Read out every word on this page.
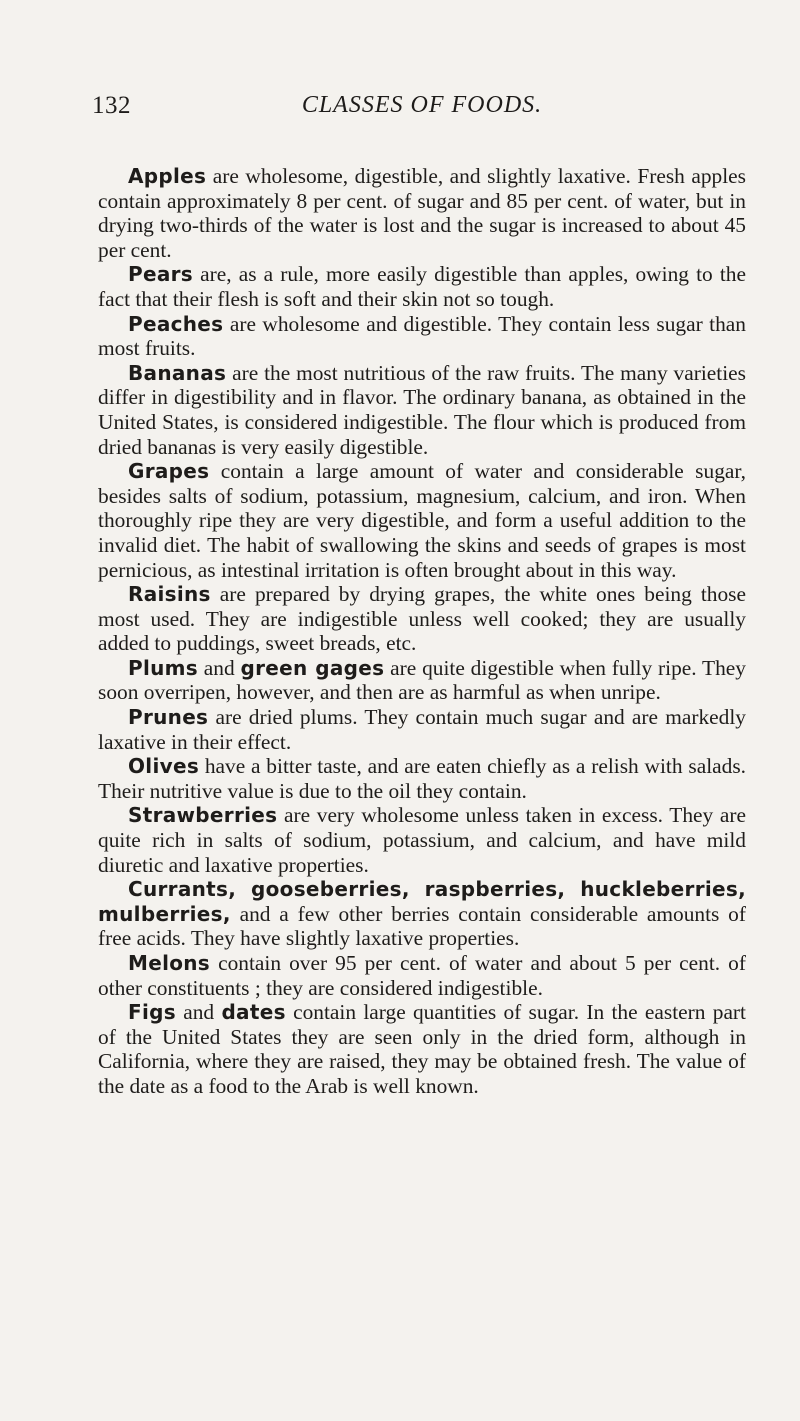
132	CLASSES OF FOODS.

Apples are wholesome, digestible, and slightly laxative. Fresh apples contain approximately 8 per cent. of sugar and 85 per cent. of water, but in drying two-thirds of the water is lost and the sugar is increased to about 45 per cent.

Pears are, as a rule, more easily digestible than apples, owing to the fact that their flesh is soft and their skin not so tough.

Peaches are wholesome and digestible. They contain less sugar than most fruits.

Bananas are the most nutritious of the raw fruits. The many varieties differ in digestibility and in flavor. The ordinary banana, as obtained in the United States, is considered indigestible. The flour which is produced from dried bananas is very easily digestible.

Grapes contain a large amount of water and considerable sugar, besides salts of sodium, potassium, magnesium, calcium, and iron. When thoroughly ripe they are very digestible, and form a useful addition to the invalid diet. The habit of swallowing the skins and seeds of grapes is most pernicious, as intestinal irritation is often brought about in this way.

Raisins are prepared by drying grapes, the white ones being those most used. They are indigestible unless well cooked; they are usually added to puddings, sweet breads, etc.

Plums and green gages are quite digestible when fully ripe. They soon overripen, however, and then are as harmful as when unripe.

Prunes are dried plums. They contain much sugar and are markedly laxative in their effect.

Olives have a bitter taste, and are eaten chiefly as a relish with salads. Their nutritive value is due to the oil they contain.

Strawberries are very wholesome unless taken in excess. They are quite rich in salts of sodium, potassium, and calcium, and have mild diuretic and laxative properties.

Currants, gooseberries, raspberries, huckleberries, mulberries, and a few other berries contain considerable amounts of free acids. They have slightly laxative properties.

Melons contain over 95 per cent. of water and about 5 per cent. of other constituents ; they are considered indigestible.

Figs and dates contain large quantities of sugar. In the eastern part of the United States they are seen only in the dried form, although in California, where they are raised, they may be obtained fresh. The value of the date as a food to the Arab is well known.
